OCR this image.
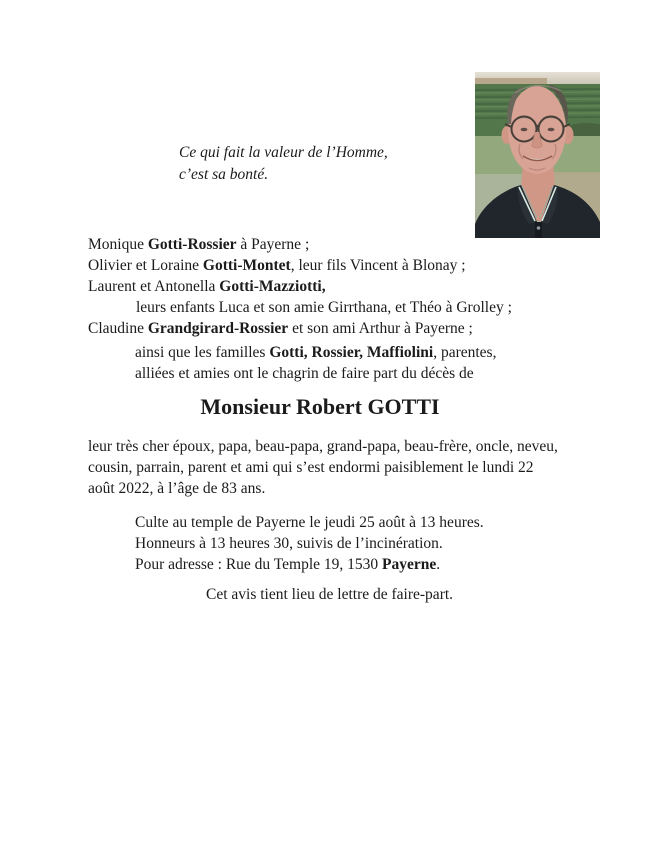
Ce qui fait la valeur de l’Homme,

c’est sa bonté.

Monique Gotti-Rossier à Payerne ;

Olivier et Loraine Gotti-Montet, leur fils Vincent à Blonay ;

Laurent et Antonella Gotti-Mazziotti,

leurs enfants Luca et son amie Girrthana, et Théo à Grolley ;

Claudine Grandgirard-Rossier et son ami Arthur à Payerne ;

ainsi que les familles Gotti, Rossier, Maffiolini, parentes,

alliées et amies ont le chagrin de faire part du décès de

Monsieur Robert GOTTI

leur très cher époux, papa, beau-papa, grand-papa, beau-frère, oncle, neveu,

cousin, parrain, parent et ami qui s’est endormi paisiblement le lundi 22

août 2022, à l’âge de 83 ans.

Culte au temple de Payerne le jeudi 25 août à 13 heures.

Honneurs à 13 heures 30, suivis de l’incinération.

Pour adresse : Rue du Temple 19, 1530 Payerne.

Cet avis tient lieu de lettre de faire-part.
